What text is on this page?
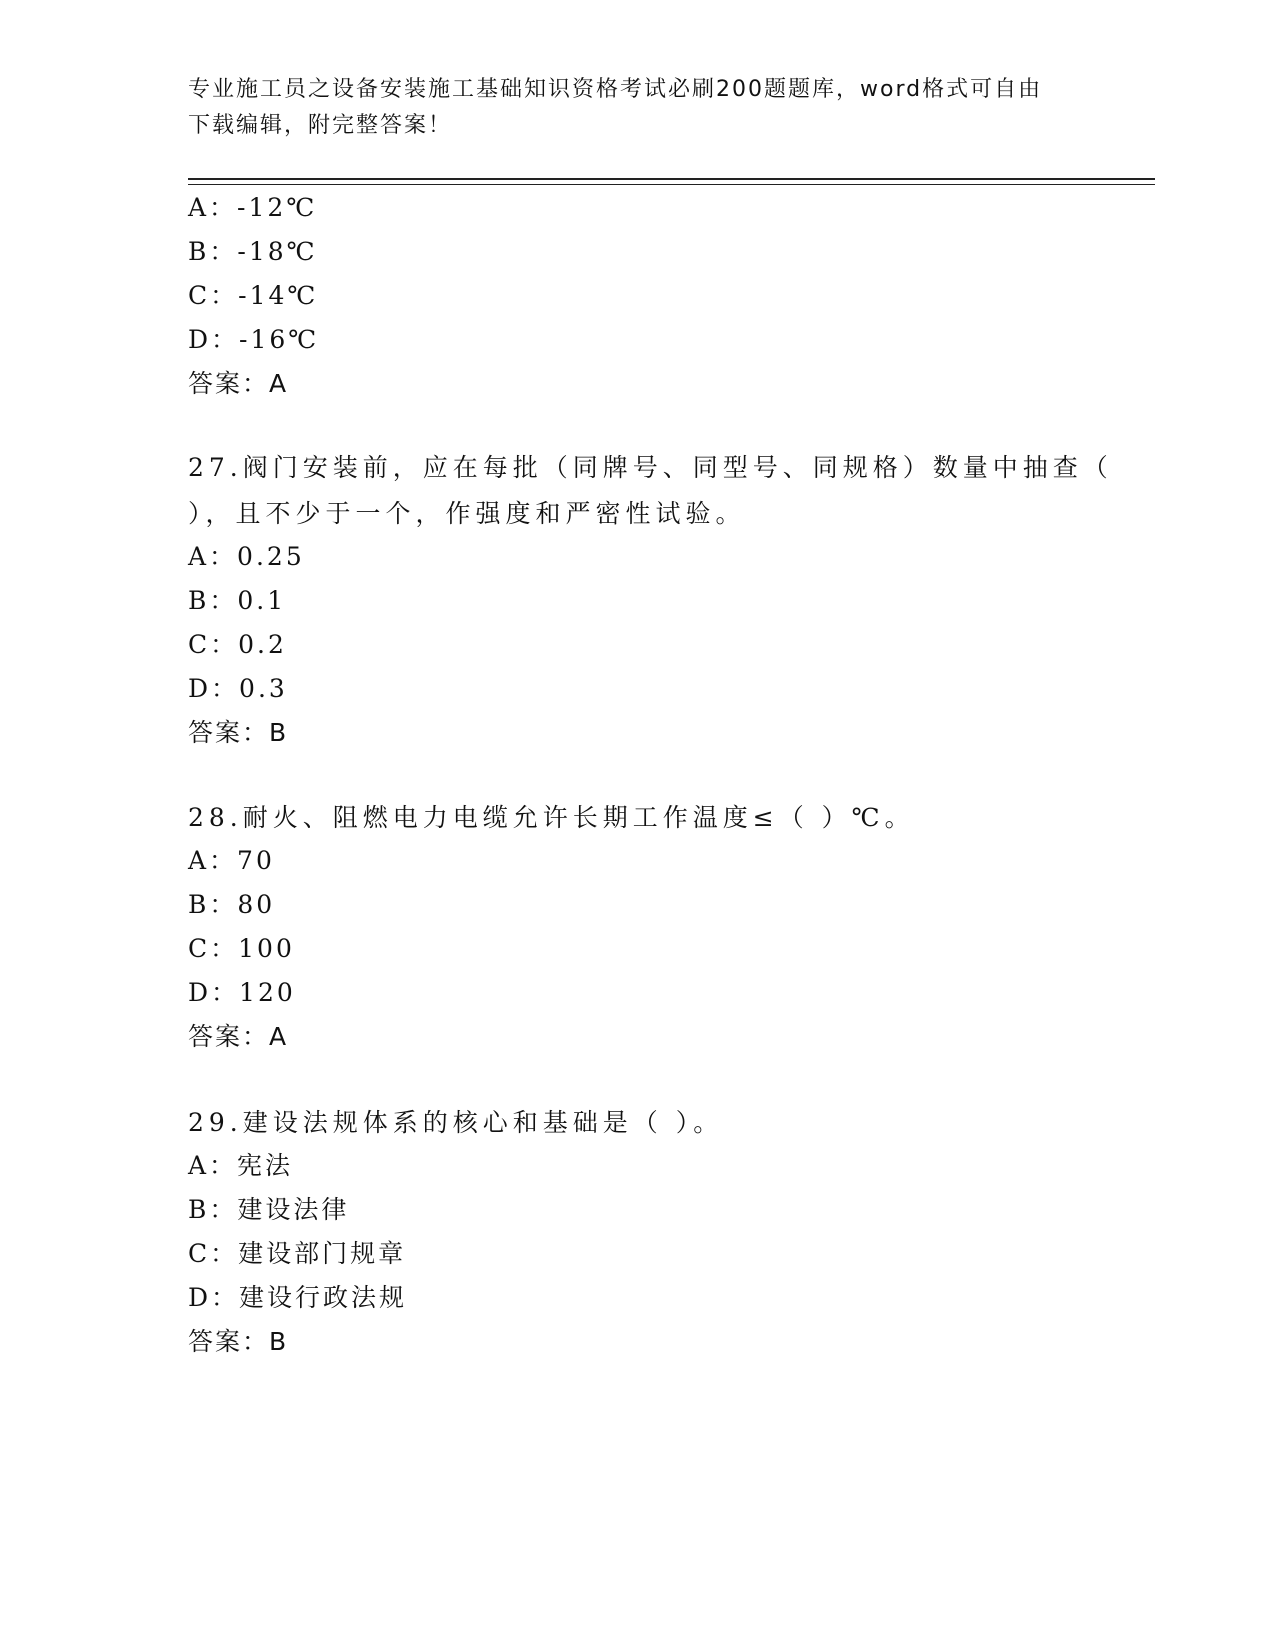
专业施工员之设备安装施工基础知识资格考试必刷200题题库，word格式可自由
下载编辑，附完整答案！
A：-12℃
B：-18℃
C：-14℃
D：-16℃
答案：A
27.阀门安装前，应在每批（同牌号、同型号、同规格）数量中抽查（
），且不少于一个，作强度和严密性试验。
A：0.25
B：0.1
C：0.2
D：0.3
答案：B
28.耐火、阻燃电力电缆允许长期工作温度≤（ ）℃。
A：70
B：80
C：100
D：120
答案：A
29.建设法规体系的核心和基础是（ ）。
A：宪法
B：建设法律
C：建设部门规章
D：建设行政法规
答案：B
